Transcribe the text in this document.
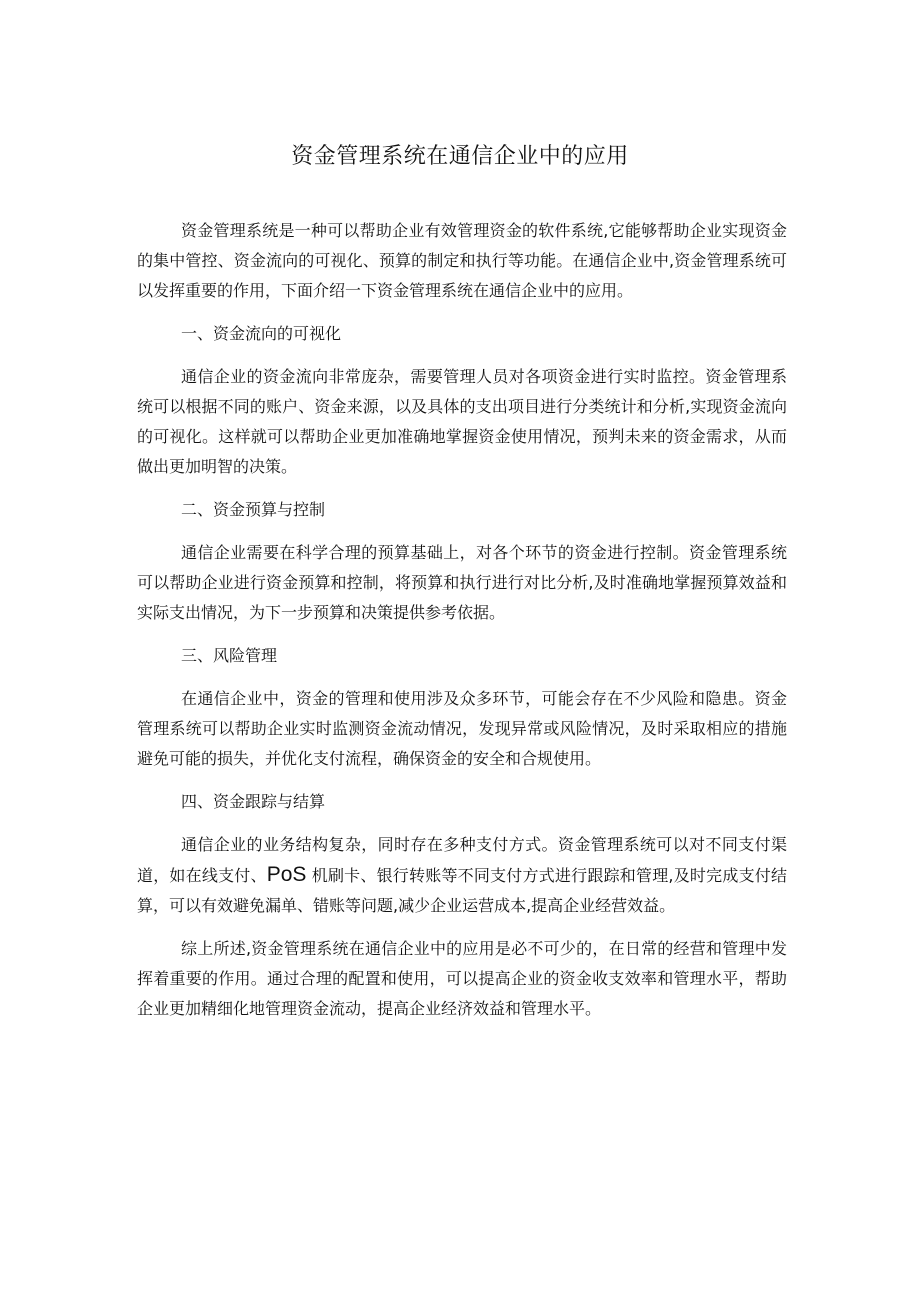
资金管理系统在通信企业中的应用

资金管理系统是一种可以帮助企业有效管理资金的软件系统,它能够帮助企业实现资金的集中管控、资金流向的可视化、预算的制定和执行等功能。在通信企业中,资金管理系统可以发挥重要的作用，下面介绍一下资金管理系统在通信企业中的应用。

一、资金流向的可视化

通信企业的资金流向非常庞杂，需要管理人员对各项资金进行实时监控。资金管理系统可以根据不同的账户、资金来源，以及具体的支出项目进行分类统计和分析,实现资金流向的可视化。这样就可以帮助企业更加准确地掌握资金使用情况，预判未来的资金需求，从而做出更加明智的决策。

二、资金预算与控制

通信企业需要在科学合理的预算基础上，对各个环节的资金进行控制。资金管理系统可以帮助企业进行资金预算和控制，将预算和执行进行对比分析,及时准确地掌握预算效益和实际支出情况，为下一步预算和决策提供参考依据。

三、风险管理

在通信企业中，资金的管理和使用涉及众多环节，可能会存在不少风险和隐患。资金管理系统可以帮助企业实时监测资金流动情况，发现异常或风险情况，及时采取相应的措施避免可能的损失，并优化支付流程，确保资金的安全和合规使用。

四、资金跟踪与结算

通信企业的业务结构复杂，同时存在多种支付方式。资金管理系统可以对不同支付渠道，如在线支付、PoS 机刷卡、银行转账等不同支付方式进行跟踪和管理,及时完成支付结算，可以有效避免漏单、错账等问题,减少企业运营成本,提高企业经营效益。

综上所述,资金管理系统在通信企业中的应用是必不可少的，在日常的经营和管理中发挥着重要的作用。通过合理的配置和使用，可以提高企业的资金收支效率和管理水平，帮助企业更加精细化地管理资金流动，提高企业经济效益和管理水平。
